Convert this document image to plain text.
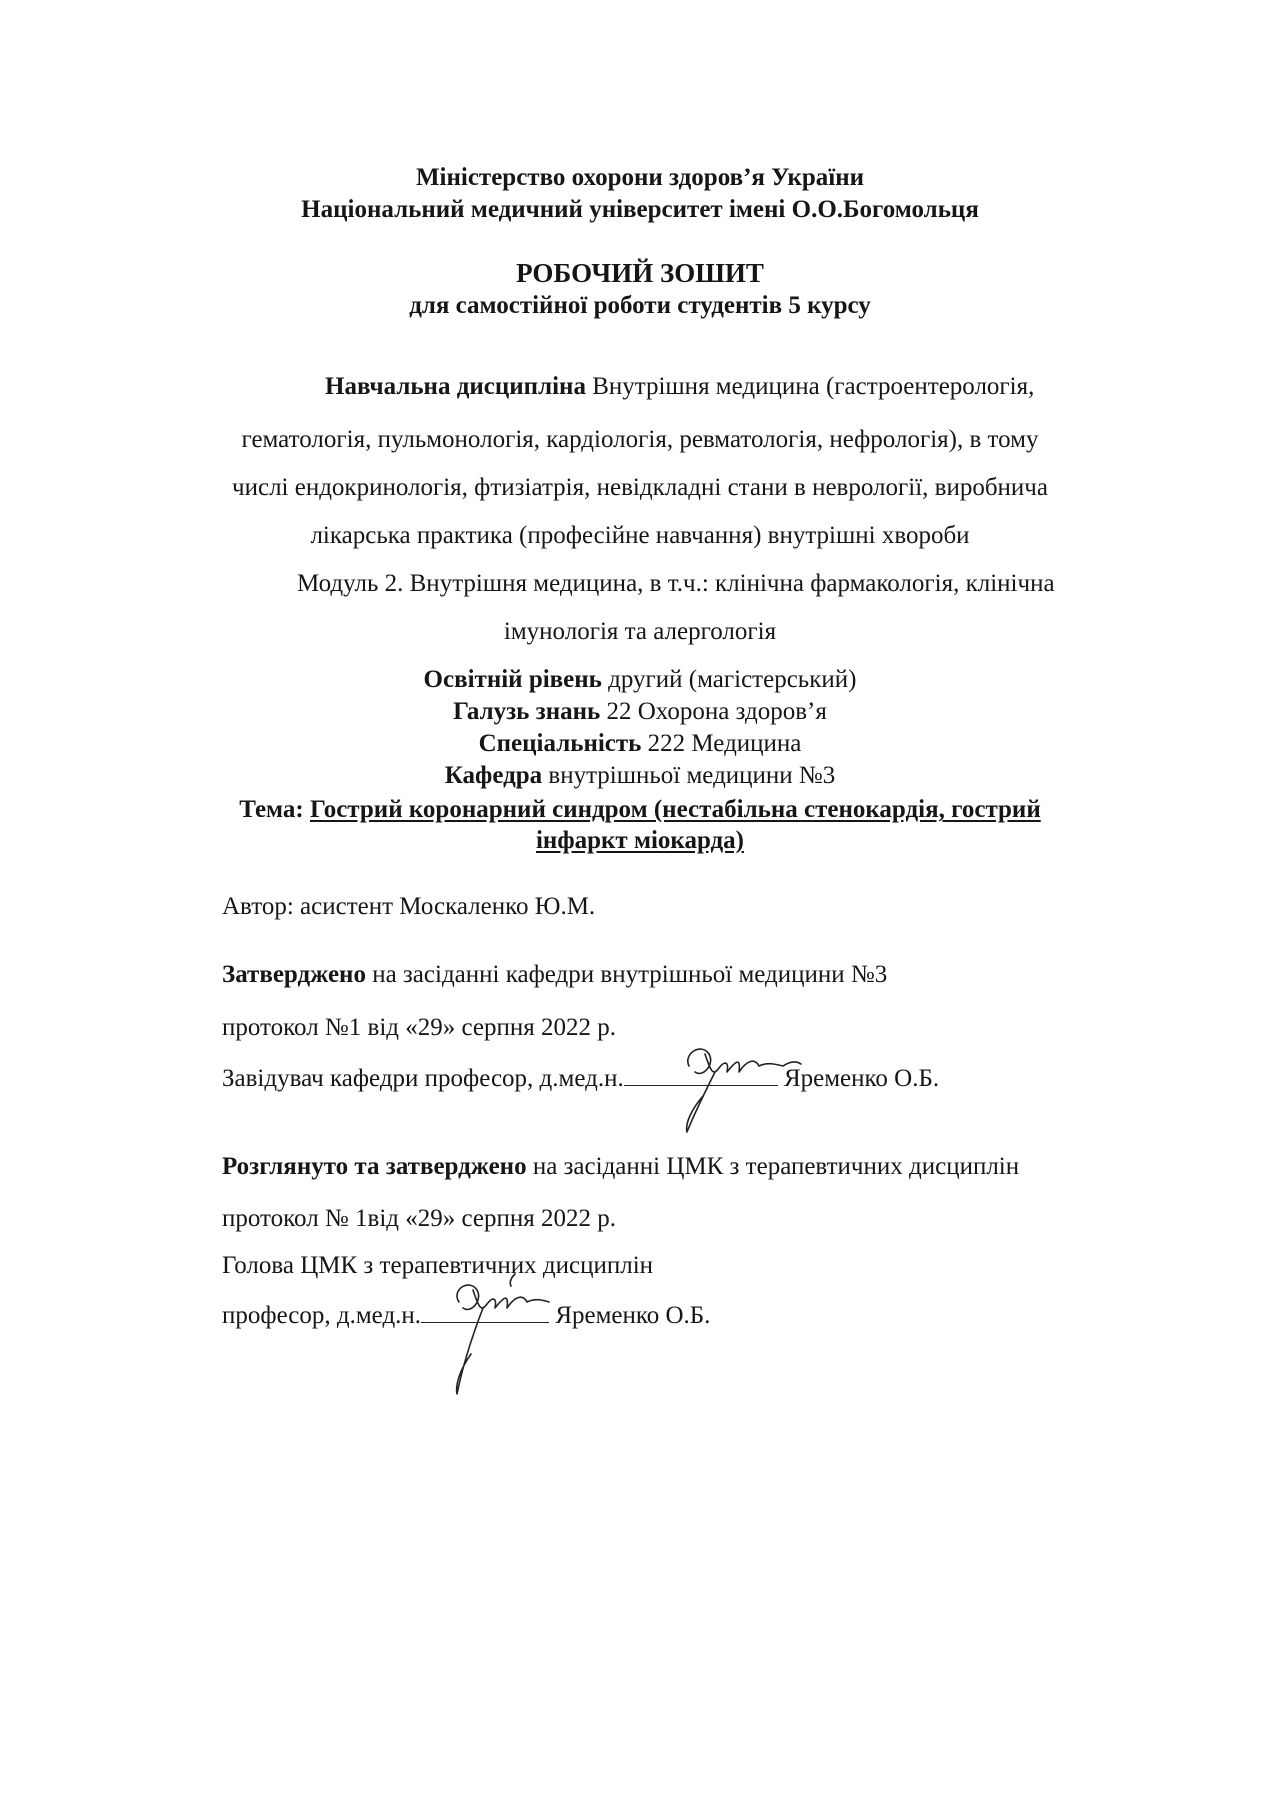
Міністерство охорони здоров’я України
Національний медичний університет імені О.О.Богомольця
РОБОЧИЙ ЗОШИТ
для самостійної роботи студентів 5 курсу
Навчальна дисципліна Внутрішня медицина (гастроентерологія,
гематологія, пульмонологія, кардіологія, ревматологія, нефрологія), в тому
числі ендокринологія, фтизіатрія, невідкладні стани в неврології, виробнича
лікарська практика (професійне навчання) внутрішні хвороби
Модуль 2. Внутрішня медицина, в т.ч.: клінічна фармакологія, клінічна
імунологія та алергологія
Освітній рівень другий (магістерський)
Галузь знань 22 Охорона здоров’я
Спеціальність 222 Медицина
Кафедра внутрішньої медицини №3
Тема: Гострий коронарний синдром (нестабільна стенокардія, гострий
інфаркт міокарда)
Автор: асистент Москаленко Ю.М.
Затверджено на засіданні кафедри внутрішньої медицини №3
протокол №1 від «29» серпня 2022 р.
Завідувач кафедри професор, д.мед.н.	Яременко О.Б.
Розглянуто та затверджено на засіданні ЦМК з терапевтичних дисциплін
протокол № 1від «29» серпня 2022 р.
Голова ЦМК з терапевтичних дисциплін
професор, д.мед.н.	Яременко О.Б.
